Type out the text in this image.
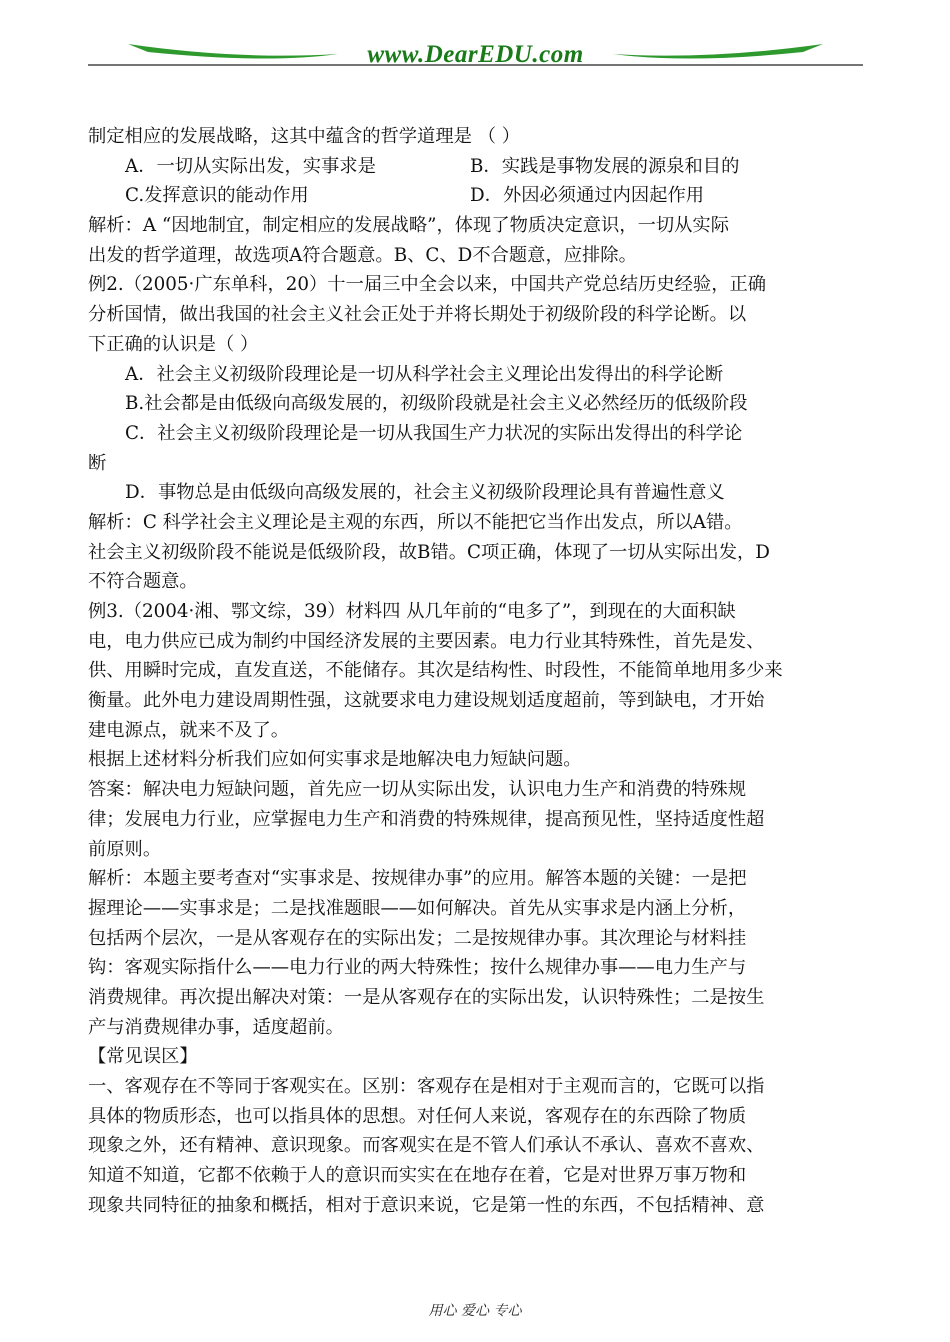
www.DearEDU.com
制定相应的发展战略，这其中蕴含的哲学道理是 （ ）
A．一切从实际出发，实事求是	B．实践是事物发展的源泉和目的
C.发挥意识的能动作用	D．外因必须通过内因起作用
解析：A “因地制宜，制定相应的发展战略”，体现了物质决定意识，一切从实际
出发的哲学道理，故选项A符合题意。B、C、D不合题意，应排除。
例2.（2005·广东单科，20）十一届三中全会以来，中国共产党总结历史经验，正确
分析国情，做出我国的社会主义社会正处于并将长期处于初级阶段的科学论断。以
下正确的认识是（ ）
A．社会主义初级阶段理论是一切从科学社会主义理论出发得出的科学论断
B.社会都是由低级向高级发展的，初级阶段就是社会主义必然经历的低级阶段
C．社会主义初级阶段理论是一切从我国生产力状况的实际出发得出的科学论
断
D．事物总是由低级向高级发展的，社会主义初级阶段理论具有普遍性意义
解析：C 科学社会主义理论是主观的东西，所以不能把它当作出发点，所以A错。
社会主义初级阶段不能说是低级阶段，故B错。C项正确，体现了一切从实际出发，D
不符合题意。
例3.（2004·湘、鄂文综，39）材料四 从几年前的“电多了”，到现在的大面积缺
电，电力供应已成为制约中国经济发展的主要因素。电力行业其特殊性，首先是发、
供、用瞬时完成，直发直送，不能储存。其次是结构性、时段性，不能简单地用多少来
衡量。此外电力建设周期性强，这就要求电力建设规划适度超前，等到缺电，才开始
建电源点，就来不及了。
根据上述材料分析我们应如何实事求是地解决电力短缺问题。
答案：解决电力短缺问题，首先应一切从实际出发，认识电力生产和消费的特殊规
律；发展电力行业，应掌握电力生产和消费的特殊规律，提高预见性，坚持适度性超
前原则。
解析：本题主要考查对“实事求是、按规律办事”的应用。解答本题的关键：一是把
握理论——实事求是；二是找准题眼——如何解决。首先从实事求是内涵上分析，
包括两个层次，一是从客观存在的实际出发；二是按规律办事。其次理论与材料挂
钩：客观实际指什么——电力行业的两大特殊性；按什么规律办事——电力生产与
消费规律。再次提出解决对策：一是从客观存在的实际出发，认识特殊性；二是按生
产与消费规律办事，适度超前。
【常见误区】
一、客观存在不等同于客观实在。区别：客观存在是相对于主观而言的，它既可以指
具体的物质形态，也可以指具体的思想。对任何人来说，客观存在的东西除了物质
现象之外，还有精神、意识现象。而客观实在是不管人们承认不承认、喜欢不喜欢、
知道不知道，它都不依赖于人的意识而实实在在地存在着，它是对世界万事万物和
现象共同特征的抽象和概括，相对于意识来说，它是第一性的东西，不包括精神、意
用心 爱心 专心
